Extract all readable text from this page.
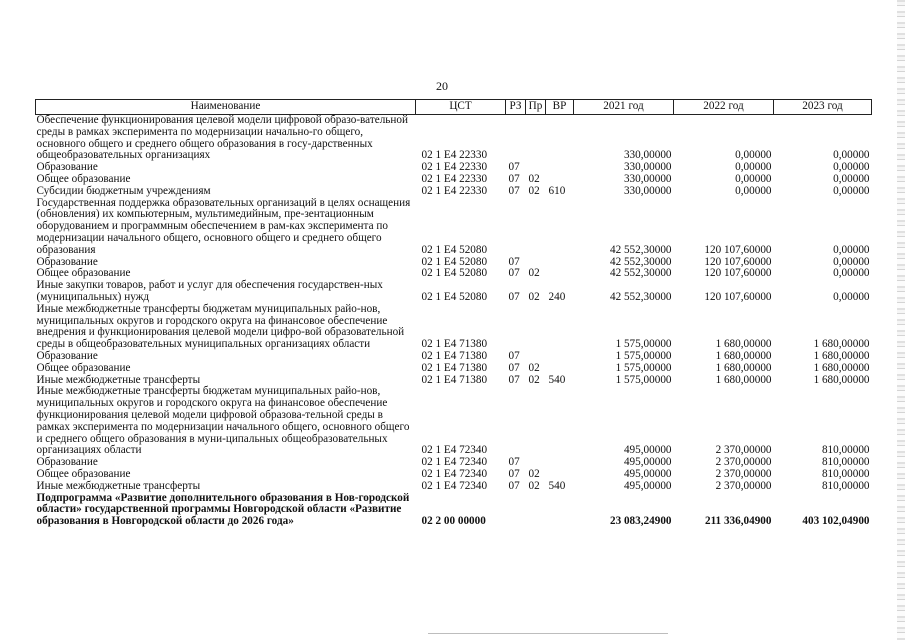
20
Наименование	ЦСТ	РЗ	Пр	ВР	2021 год	2022 год	2023 год
Обеспечение функционирования целевой модели цифровой образо-вательной среды в рамках эксперимента по модернизации начально-го общего, основного общего и среднего общего образования в госу-дарственных общеобразовательных организациях	02 1 E4 22330				330,00000	0,00000	0,00000
Образование	02 1 E4 22330	07			330,00000	0,00000	0,00000
Общее образование	02 1 E4 22330	07	02		330,00000	0,00000	0,00000
Субсидии бюджетным учреждениям	02 1 E4 22330	07	02	610	330,00000	0,00000	0,00000
Государственная поддержка образовательных организаций в целях оснащения (обновления) их компьютерным, мультимедийным, пре-зентационным оборудованием и программным обеспечением в рам-ках эксперимента по модернизации начального общего, основного общего и среднего общего образования	02 1 E4 52080				42 552,30000	120 107,60000	0,00000
Образование	02 1 E4 52080	07			42 552,30000	120 107,60000	0,00000
Общее образование	02 1 E4 52080	07	02		42 552,30000	120 107,60000	0,00000
Иные закупки товаров, работ и услуг для обеспечения государствен-ных (муниципальных) нужд	02 1 E4 52080	07	02	240	42 552,30000	120 107,60000	0,00000
Иные межбюджетные трансферты бюджетам муниципальных райо-нов, муниципальных округов и городского округа на финансовое обеспечение внедрения и функционирования целевой модели цифро-вой образовательной среды в общеобразовательных муниципальных организациях области	02 1 E4 71380				1 575,00000	1 680,00000	1 680,00000
Образование	02 1 E4 71380	07			1 575,00000	1 680,00000	1 680,00000
Общее образование	02 1 E4 71380	07	02		1 575,00000	1 680,00000	1 680,00000
Иные межбюджетные трансферты	02 1 E4 71380	07	02	540	1 575,00000	1 680,00000	1 680,00000
Иные межбюджетные трансферты бюджетам муниципальных райо-нов, муниципальных округов и городского округа на финансовое обеспечение функционирования целевой модели цифровой образова-тельной среды в рамках эксперимента по модернизации начального общего, основного общего и среднего общего образования в муни-ципальных общеобразовательных организациях области	02 1 E4 72340				495,00000	2 370,00000	810,00000
Образование	02 1 E4 72340	07			495,00000	2 370,00000	810,00000
Общее образование	02 1 E4 72340	07	02		495,00000	2 370,00000	810,00000
Иные межбюджетные трансферты	02 1 E4 72340	07	02	540	495,00000	2 370,00000	810,00000
Подпрограмма «Развитие дополнительного образования в Нов-городской области» государственной программы Новгородской области «Развитие образования в Новгородской области до 2026 года»	02 2 00 00000				23 083,24900	211 336,04900	403 102,04900
